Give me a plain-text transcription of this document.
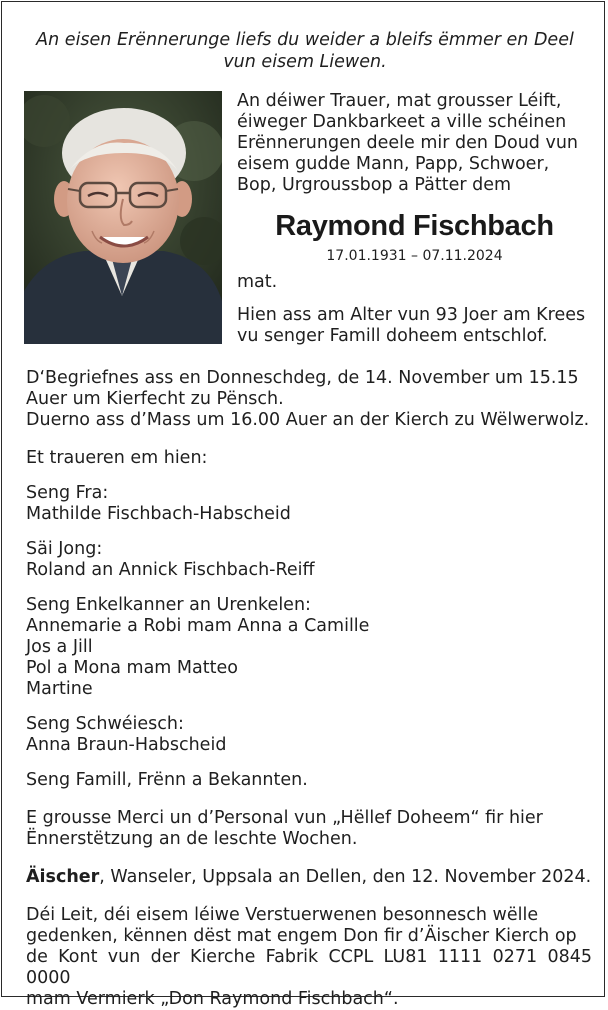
An eisen Erënnerunge liefs du weider a bleifs ëmmer en Deel
vun eisem Liewen.
An déiwer Trauer, mat grousser Léift,
éiweger Dankbarkeet a ville schéinen
Erënnerungen deele mir den Doud vun
eisem gudde Mann, Papp, Schwoer,
Bop, Urgroussbop a Pätter dem
Raymond Fischbach
17.01.1931 – 07.11.2024
mat.
Hien ass am Alter vun 93 Joer am Krees
vu senger Famill doheem entschlof.

D‘Begriefnes ass en Donneschdeg, de 14. November um 15.15

Auer um Kierfecht zu Pënsch.

Duerno ass d’Mass um 16.00 Auer an der Kierch zu Wëlwerwolz.

Et traueren em hien:

Seng Fra:

Mathilde Fischbach-Habscheid

Säi Jong:

Roland an Annick Fischbach-Reiff

Seng Enkelkanner an Urenkelen:

Annemarie a Robi mam Anna a Camille

Jos a Jill

Pol a Mona mam Matteo

Martine

Seng Schwéiesch:

Anna Braun-Habscheid

Seng Famill, Frënn a Bekannten.

E grousse Merci un d’Personal vun „Hëllef Doheem“ fir hier

Ënnerstëtzung an de leschte Wochen.

Äischer, Wanseler, Uppsala an Dellen, den 12. November 2024.

Déi Leit, déi eisem léiwe Verstuerwenen besonnesch wëlle

gedenken, kënnen dëst mat engem Don fir d’Äischer Kierch op

de Kont vun der Kierche Fabrik CCPL LU81 1111 0271 0845 0000

mam Vermierk „Don Raymond Fischbach“.
